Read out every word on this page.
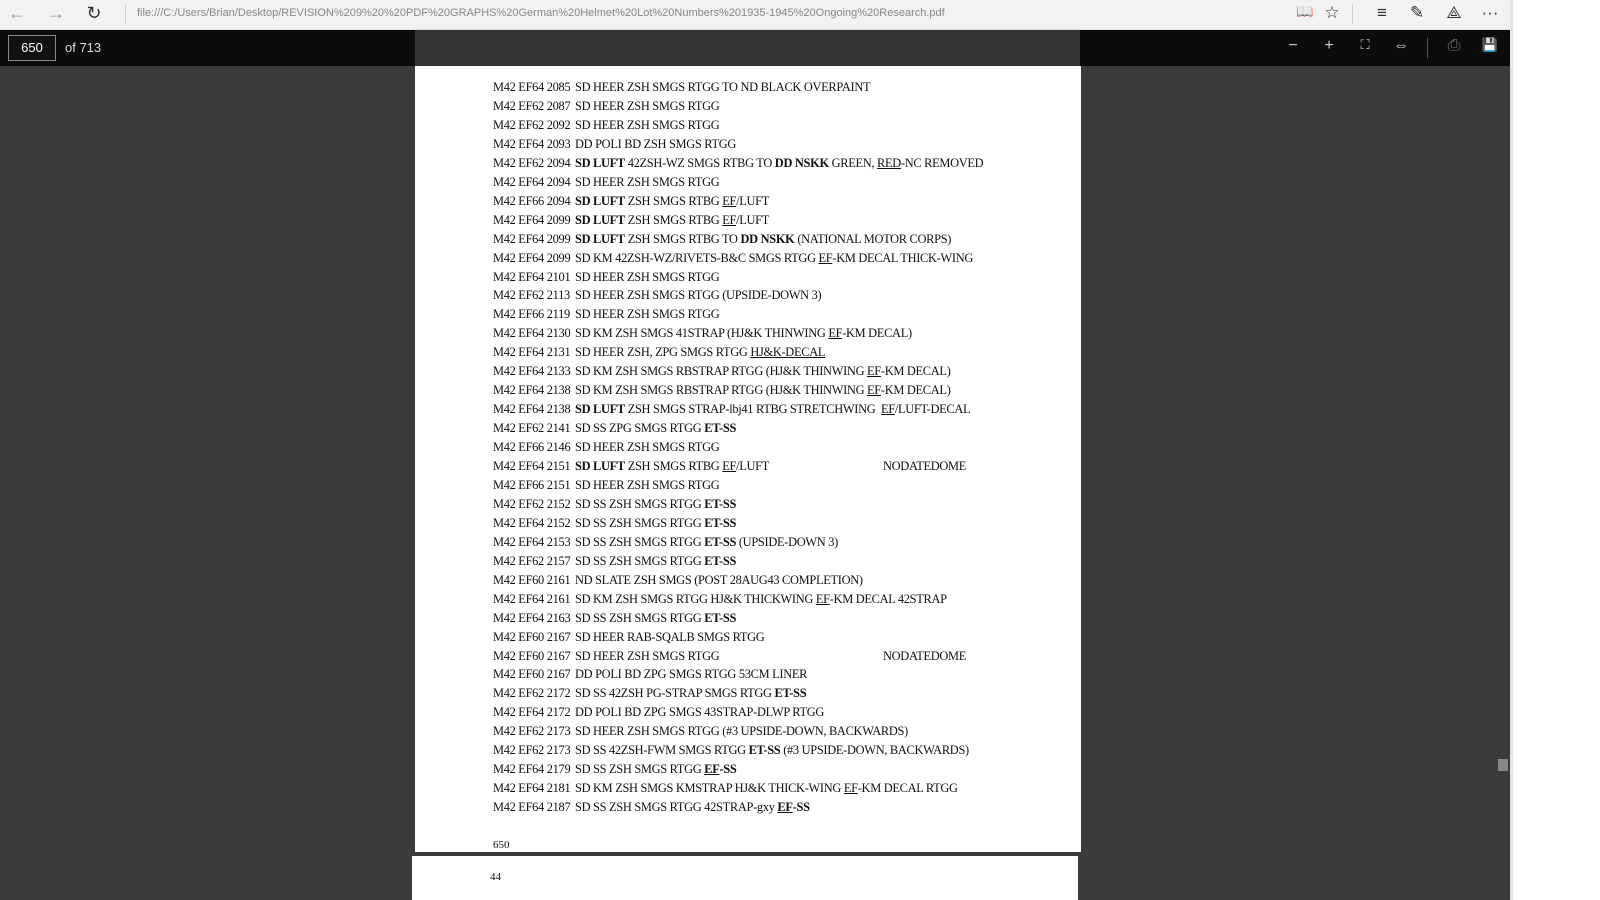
← → ↻	file:///C:/Users/Brian/Desktop/REVISION%209%20%20PDF%20GRAPHS%20German%20Helmet%20Lot%20Numbers%201935-1945%20Ongoing%20Research.pdf	📖 ☆	≡	✎ ⟁ ···
650	of 713	−	+	⛶	⇔ ⎙	💾
M42 EF64 2085 SD HEER ZSH SMGS RTGG TO ND BLACK OVERPAINT
M42 EF62 2087 SD HEER ZSH SMGS RTGG
M42 EF62 2092 SD HEER ZSH SMGS RTGG
M42 EF64 2093 DD POLI BD ZSH SMGS RTGG
M42 EF62 2094 SD LUFT 42ZSH-WZ SMGS RTBG TO DD NSKK GREEN, RED-NC REMOVED
M42 EF64 2094 SD HEER ZSH SMGS RTGG
M42 EF66 2094 SD LUFT ZSH SMGS RTBG EF/LUFT
M42 EF64 2099 SD LUFT ZSH SMGS RTBG EF/LUFT
M42 EF64 2099 SD LUFT ZSH SMGS RTBG TO DD NSKK (NATIONAL MOTOR CORPS)
M42 EF64 2099 SD KM 42ZSH-WZ/RIVETS-B&C SMGS RTGG EF-KM DECAL THICK-WING
M42 EF64 2101 SD HEER ZSH SMGS RTGG
M42 EF62 2113 SD HEER ZSH SMGS RTGG (UPSIDE-DOWN 3)
M42 EF66 2119 SD HEER ZSH SMGS RTGG
M42 EF64 2130 SD KM ZSH SMGS 41STRAP (HJ&K THINWING EF-KM DECAL)
M42 EF64 2131 SD HEER ZSH, ZPG SMGS RTGG HJ&K-DECAL
M42 EF64 2133 SD KM ZSH SMGS RBSTRAP RTGG (HJ&K THINWING EF-KM DECAL)
M42 EF64 2138 SD KM ZSH SMGS RBSTRAP RTGG (HJ&K THINWING EF-KM DECAL)
M42 EF64 2138 SD LUFT ZSH SMGS STRAP-lbj41 RTBG STRETCHWING  EF/LUFT-DECAL
M42 EF62 2141 SD SS ZPG SMGS RTGG ET-SS
M42 EF66 2146 SD HEER ZSH SMGS RTGG
M42 EF64 2151 SD LUFT ZSH SMGS RTBG EF/LUFT	NODATEDOME
M42 EF66 2151 SD HEER ZSH SMGS RTGG
M42 EF62 2152 SD SS ZSH SMGS RTGG ET-SS
M42 EF64 2152 SD SS ZSH SMGS RTGG ET-SS
M42 EF64 2153 SD SS ZSH SMGS RTGG ET-SS (UPSIDE-DOWN 3)
M42 EF62 2157 SD SS ZSH SMGS RTGG ET-SS
M42 EF60 2161 ND SLATE ZSH SMGS (POST 28AUG43 COMPLETION)
M42 EF64 2161 SD KM ZSH SMGS RTGG HJ&K THICKWING EF-KM DECAL 42STRAP
M42 EF64 2163 SD SS ZSH SMGS RTGG ET-SS
M42 EF60 2167 SD HEER RAB-SQALB SMGS RTGG
M42 EF60 2167 SD HEER ZSH SMGS RTGG	NODATEDOME
M42 EF60 2167 DD POLI BD ZPG SMGS RTGG 53CM LINER
M42 EF62 2172 SD SS 42ZSH PG-STRAP SMGS RTGG ET-SS
M42 EF64 2172 DD POLI BD ZPG SMGS 43STRAP-DLWP RTGG
M42 EF62 2173 SD HEER ZSH SMGS RTGG (#3 UPSIDE-DOWN, BACKWARDS)
M42 EF62 2173 SD SS 42ZSH-FWM SMGS RTGG ET-SS (#3 UPSIDE-DOWN, BACKWARDS)
M42 EF64 2179 SD SS ZSH SMGS RTGG EF-SS
M42 EF64 2181 SD KM ZSH SMGS KMSTRAP HJ&K THICK-WING EF-KM DECAL RTGG
M42 EF64 2187 SD SS ZSH SMGS RTGG 42STRAP-gxy EF-SS
650
44
